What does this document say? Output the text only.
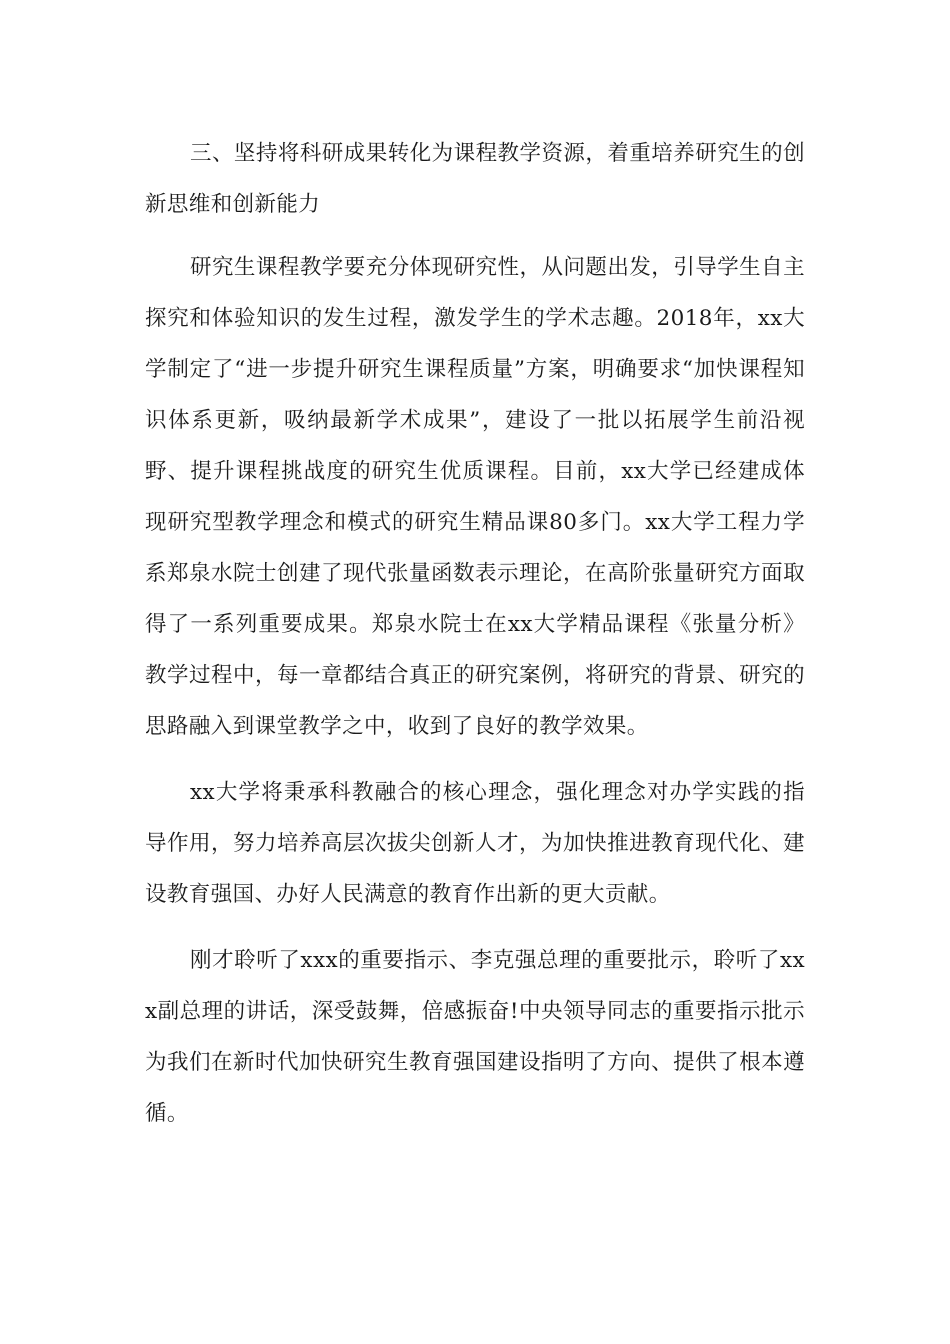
三、坚持将科研成果转化为课程教学资源，着重培养研究生的创新思维和创新能力

研究生课程教学要充分体现研究性，从问题出发，引导学生自主探究和体验知识的发生过程，激发学生的学术志趣。2018年，xx大学制定了“进一步提升研究生课程质量”方案，明确要求“加快课程知识体系更新，吸纳最新学术成果”，建设了一批以拓展学生前沿视野、提升课程挑战度的研究生优质课程。目前，xx大学已经建成体现研究型教学理念和模式的研究生精品课80多门。xx大学工程力学系郑泉水院士创建了现代张量函数表示理论，在高阶张量研究方面取得了一系列重要成果。郑泉水院士在xx大学精品课程《张量分析》教学过程中，每一章都结合真正的研究案例，将研究的背景、研究的思路融入到课堂教学之中，收到了良好的教学效果。

xx大学将秉承科教融合的核心理念，强化理念对办学实践的指导作用，努力培养高层次拔尖创新人才，为加快推进教育现代化、建设教育强国、办好人民满意的教育作出新的更大贡献。

刚才聆听了xxx的重要指示、李克强总理的重要批示，聆听了xxx副总理的讲话，深受鼓舞，倍感振奋!中央领导同志的重要指示批示为我们在新时代加快研究生教育强国建设指明了方向、提供了根本遵循。
